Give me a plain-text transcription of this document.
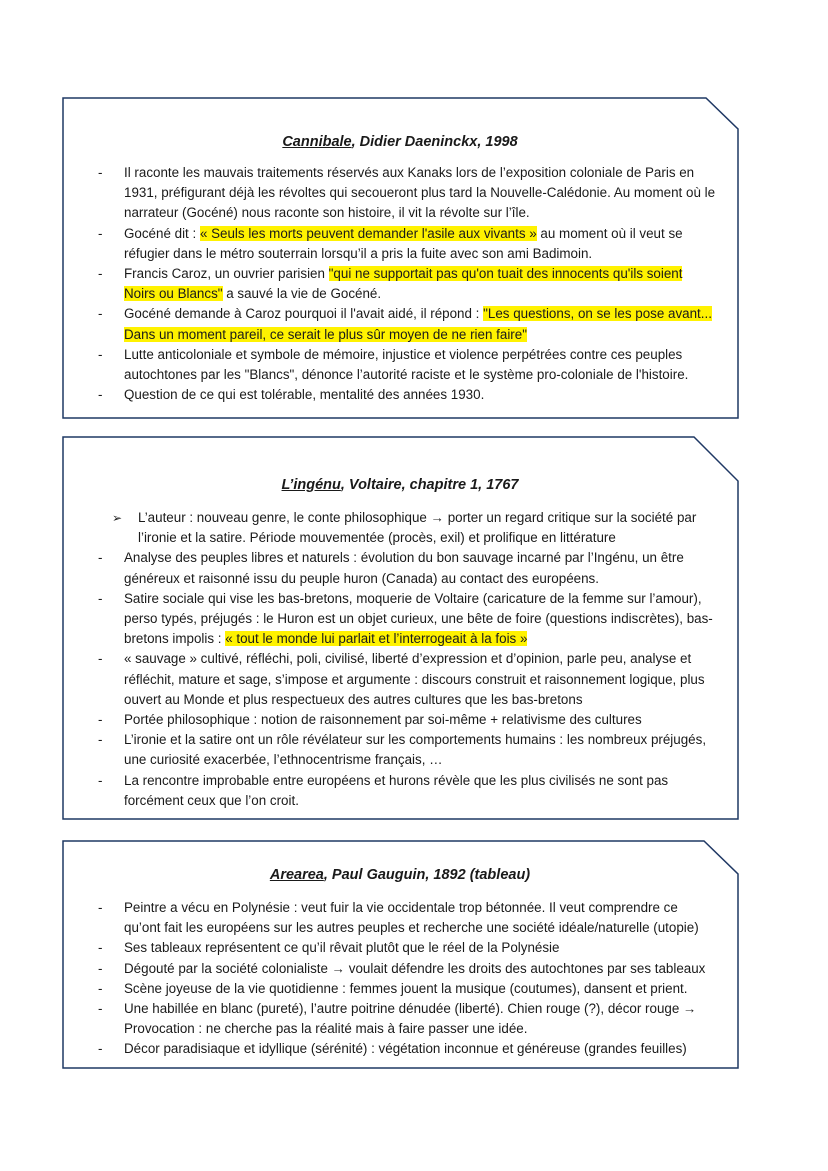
Cannibale, Didier Daeninckx, 1998
- Il raconte les mauvais traitements réservés aux Kanaks lors de l’exposition coloniale de Paris en 1931, préfigurant déjà les révoltes qui secoueront plus tard la Nouvelle-Calédonie. Au moment où le narrateur (Gocéné) nous raconte son histoire, il vit la révolte sur l’île.
- Gocéné dit : « Seuls les morts peuvent demander l'asile aux vivants » au moment où il veut se réfugier dans le métro souterrain lorsqu’il a pris la fuite avec son ami Badimoin.
- Francis Caroz, un ouvrier parisien "qui ne supportait pas qu'on tuait des innocents qu'ils soient Noirs ou Blancs" a sauvé la vie de Gocéné.
- Gocéné demande à Caroz pourquoi il l'avait aidé, il répond : "Les questions, on se les pose avant... Dans un moment pareil, ce serait le plus sûr moyen de ne rien faire"
- Lutte anticoloniale et symbole de mémoire, injustice et violence perpétrées contre ces peuples autochtones par les "Blancs", dénonce l’autorité raciste et le système pro-coloniale de l'histoire.
- Question de ce qui est tolérable, mentalité des années 1930.
L’ingénu, Voltaire, chapitre 1, 1767
➢ L’auteur : nouveau genre, le conte philosophique → porter un regard critique sur la société par l’ironie et la satire. Période mouvementée (procès, exil) et prolifique en littérature
- Analyse des peuples libres et naturels : évolution du bon sauvage incarné par l’Ingénu, un être généreux et raisonné issu du peuple huron (Canada) au contact des européens.
- Satire sociale qui vise les bas-bretons, moquerie de Voltaire (caricature de la femme sur l’amour), perso typés, préjugés : le Huron est un objet curieux, une bête de foire (questions indiscrètes), bas-bretons impolis : « tout le monde lui parlait et l’interrogeait à la fois »
- « sauvage » cultivé, réfléchi, poli, civilisé, liberté d’expression et d’opinion, parle peu, analyse et réfléchit, mature et sage, s’impose et argumente : discours construit et raisonnement logique, plus ouvert au Monde et plus respectueux des autres cultures que les bas-bretons
- Portée philosophique : notion de raisonnement par soi-même + relativisme des cultures
- L’ironie et la satire ont un rôle révélateur sur les comportements humains : les nombreux préjugés, une curiosité exacerbée, l’ethnocentrisme français, …
- La rencontre improbable entre européens et hurons révèle que les plus civilisés ne sont pas forcément ceux que l’on croit.
Arearea, Paul Gauguin, 1892 (tableau)
- Peintre a vécu en Polynésie : veut fuir la vie occidentale trop bétonnée. Il veut comprendre ce qu’ont fait les européens sur les autres peuples et recherche une société idéale/naturelle (utopie)
- Ses tableaux représentent ce qu’il rêvait plutôt que le réel de la Polynésie
- Dégouté par la société colonialiste → voulait défendre les droits des autochtones par ses tableaux
- Scène joyeuse de la vie quotidienne : femmes jouent la musique (coutumes), dansent et prient.
- Une habillée en blanc (pureté), l’autre poitrine dénudée (liberté). Chien rouge (?), décor rouge → Provocation : ne cherche pas la réalité mais à faire passer une idée.
- Décor paradisiaque et idyllique (sérénité) : végétation inconnue et généreuse (grandes feuilles)
